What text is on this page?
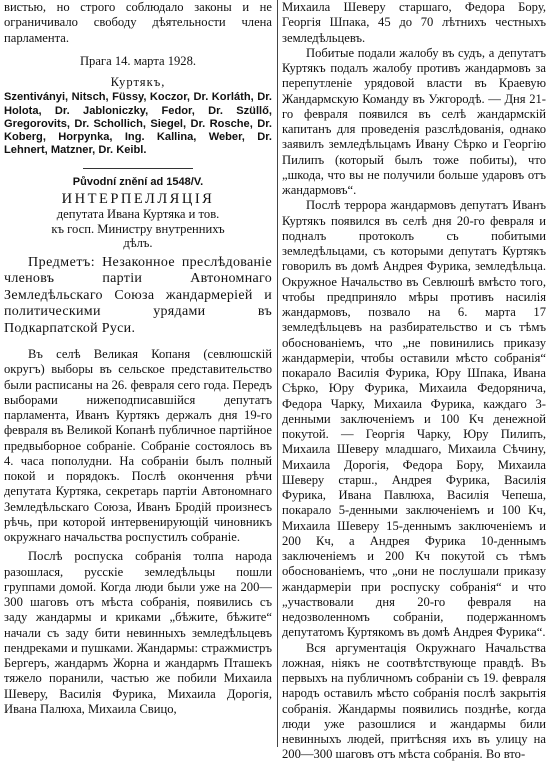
вистью, но строго соблюдало законы и не ограничивало свободу дѣятельности члена парламента.

Прага 14. марта 1928.

Куртякъ,

Szentiványi, Nitsch, Füssy, Koczor, Dr. Korláth, Dr. Holota, Dr. Jabloniczky, Fedor, Dr. Szüllő, Gregorovits, Dr. Schollich, Siegel, Dr. Rosche, Dr. Koberg, Horpynka, Ing. Kallina, Weber, Dr. Lehnert, Matzner, Dr. Keibl.

Původní znění ad 1548/V.

ИНТЕРПЕЛЛЯЦІЯ

депутата Ивана Куртяка и тов.

къ госп. Министру внутреннихъ

дѣлъ.

Предметъ: Незаконное преслѣдованіе членовъ партіи Автономнаго Земледѣльскаго Союза жандармеріей и политическими урядами въ Подкарпатской Руси.

Въ селѣ Великая Копаня (севлюшскій округъ) выборы въ сельское представительство были расписаны на 26. февраля сего года. Передъ выборами нижеподписавшійся депутатъ парламента, Иванъ Куртякъ держалъ дня 19-го февраля въ Великой Копанѣ публичное партійное предвыборное собраніе. Собраніе состоялось въ 4. часа пополудни. На собраніи былъ полный покой и порядокъ. Послѣ окончення рѣчи депутата Куртяка, секретарь партіи Автономнаго Земледѣльскаго Союза, Иванъ Бродій произнесъ рѣчь, при которой интервенирующій чиновникъ окружнаго начальства роспустилъ собраніе.

Послѣ роспуска собранія толпа народа разошлася, русскіе земледѣльцы пошли группами домой. Когда люди были уже на 200—300 шаговъ отъ мѣста собранія, появились съ заду жандармы и криками „бѣжите, бѣжите“ начали съ заду бити невинныхъ земледѣльцевъ пендреками и пушками. Жандармы: стражмистръ Бергеръ, жандармъ Жорна и жандармъ Пташекъ тяжело поранили, частью же побили Михаила Шеверу, Василія Фурика, Михаила Дорогія, Ивана Палюха, Михаила Свицо,

Михаила Шеверу старшаго, Федора Бору, Георгія Шпака, 45 до 70 лѣтнихъ честныхъ земледѣльцевъ.

Побитые подали жалобу въ судъ, а депутатъ Куртякъ подалъ жалобу противъ жандармовъ за перепутленіе урядовой власти въ Краевую Жандармскую Команду въ Ужгородѣ. — Дня 21-го февраля появился въ селѣ жандармскій капитанъ для проведенія разслѣдованія, однако заявилъ земледѣльцамъ Ивану Сѣрко и Георгію Пилипъ (который былъ тоже побиты), что „шкода, что вы не получили больше ударовъ отъ жандармовъ“.

Послѣ террора жандармовъ депутатъ Иванъ Куртякъ появился въ селѣ дня 20-го февраля и подналъ протоколъ съ побитыми земледѣльцами, съ которыми депутатъ Куртякъ говорилъ въ домѣ Андрея Фурика, земледѣльца. Окружное Начальство въ Севлюшѣ вмѣсто того, чтобы предприняло мѣры противъ насилія жандармовъ, позвало на 6. марта 17 земледѣльцевъ на разбирательство и съ тѣмъ обоснованіемъ, что „не повинились приказу жандармеріи, чтобы оставили мѣсто собранія“ покарало Василія Фурика, Юру Шпака, Ивана Сѣрко, Юру Фурика, Михаила Федорянича, Федора Чарку, Михаила Фурика, каждаго 3-денными заключеніемъ и 100 Кч денежной покутой. — Георгія Чарку, Юру Пилипъ, Михаила Шеверу младшаго, Михаила Сѣчину, Михаила Дорогія, Федора Бору, Михаила Шеверу старш., Андрея Фурика, Василія Фурика, Ивана Павлюха, Василія Чепеша, покарало 5-денными заключеніемъ и 100 Кч, Михаила Шеверу 15-деннымъ заключеніемъ и 200 Кч, а Андрея Фурика 10-деннымъ заключеніемъ и 200 Кч покутой съ тѣмъ обоснованіемъ, что „они не послушали приказу жандармеріи при роспуску собранія“ и что „участвовали дня 20-го февраля на недозволенномъ собраніи, подержанномъ депутатомъ Куртякомъ въ домѣ Андрея Фурика“.

Вся аргументація Окружнаго Начальства ложная, ніякъ не соотвѣтствующе правдѣ. Въ первыхъ на публичномъ собраніи съ 19. февраля народъ оставилъ мѣсто собранія послѣ закрытія собранія. Жандармы появились позднѣе, когда люди уже разошлися и жандармы били невинныхъ людей, притѣсняя ихъ въ улицу на 200—300 шаговъ отъ мѣста собранія. Во вто-
